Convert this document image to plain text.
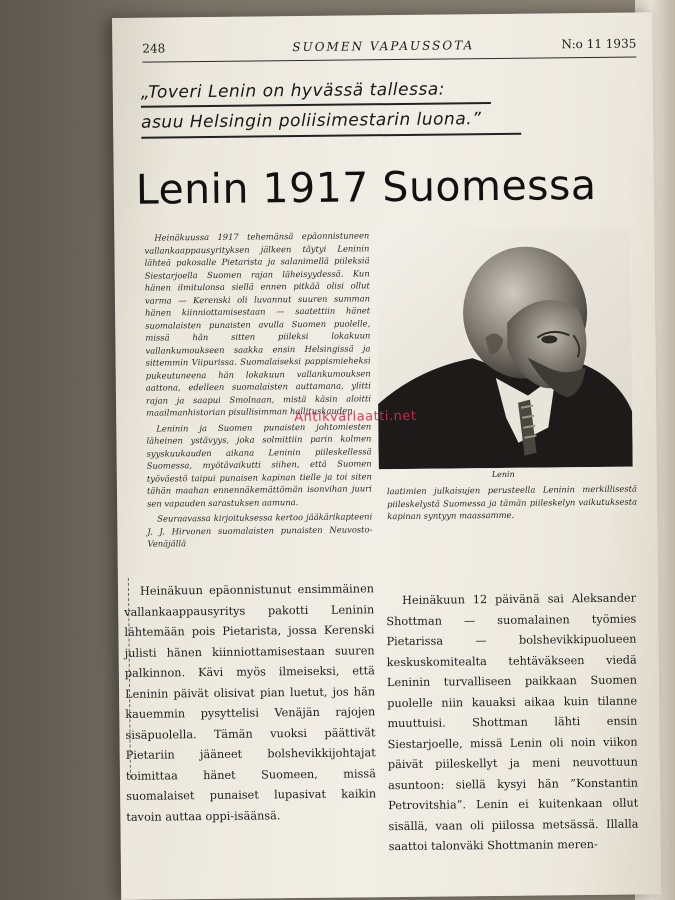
248	SUOMEN VAPAUSSOTA	N:o 11 1935
„Toveri Lenin on hyvässä tallessa:
asuu Helsingin poliisimestarin luona.”
Lenin 1917 Suomessa

Heinäkuussa 1917 tehemänsä epäonnistuneen vallankaappausyrityksen jälkeen täytyi Leninin lähteä pakosalle Pietarista ja salanimellä piileksiä Siestarjoella Suomen rajan läheisyydessä. Kun hänen ilmitulonsa siellä ennen pitkää olisi ollut varma — Kerenski oli luvannut suuren summan hänen kiinniottamisestaan — saatettiin hänet suomalaisten punaisten avulla Suomen puolelle, missä hän sitten piileksi lokakuun vallankumoukseen saakka ensin Helsingissä ja sittemmin Viipurissa. Suomalaiseksi pappismieheksi pukeutuneena hän lokakuun vallankumouksen aattona, edelleen suomalaisten auttamana, ylitti rajan ja saapui Smolnaan, mistä käsin aloitti maailmanhistorian pisullisimman hallituskauden.

Leninin ja Suomen punaisten johtomiesten läheinen ystävyys, joka solmittiin parin kolmen syyskuukauden aikana Leninin piileskellessä Suomessa, myötävaikutti siihen, että Suomen työväestö taipui punaisen kapinan tielle ja toi siten tähän maahan ennennäkemättömän isonvihan juuri sen vapauden sarastuksen aamuna.

Seuraavassa kirjoituksessa kertoo jääkärikapteeni J. J. Hirvonen suomalaisten punaisten Neuvosto-Venäjällä

Lenin
Antikvariaatti.net
laatimien julkaisujen perusteella Leninin merkillisestä piileskelystä Suomessa ja tämän piileskelyn vaikutuksesta kapinan syntyyn maassamme.

Heinäkuun epäonnistunut ensimmäinen vallankaappausyritys pakotti Leninin lähtemään pois Pietarista, jossa Kerenski julisti hänen kiinniottamisestaan suuren palkinnon. Kävi myös ilmeiseksi, että Leninin päivät olisivat pian luetut, jos hän kauemmin pysyttelisi Venäjän rajojen sisäpuolella. Tämän vuoksi päättivät Pietariin jääneet bolshevikkijohtajat toimittaa hänet Suomeen, missä suomalaiset punaiset lupasivat kaikin tavoin auttaa oppi-isäänsä.

Heinäkuun 12 päivänä sai Aleksander Shottman — suomalainen työmies Pietarissa — bolshevikkipuolueen keskuskomitealta tehtäväkseen viedä Leninin turvalliseen paikkaan Suomen puolelle niin kauaksi aikaa kuin tilanne muuttuisi. Shottman lähti ensin Siestarjoelle, missä Lenin oli noin viikon päivät piileskellyt ja meni neuvottuun asuntoon: siellä kysyi hän ”Konstantin Petrovitshia”. Lenin ei kuitenkaan ollut sisällä, vaan oli piilossa metsässä. Illalla saattoi talonväki Shottmanin meren-
